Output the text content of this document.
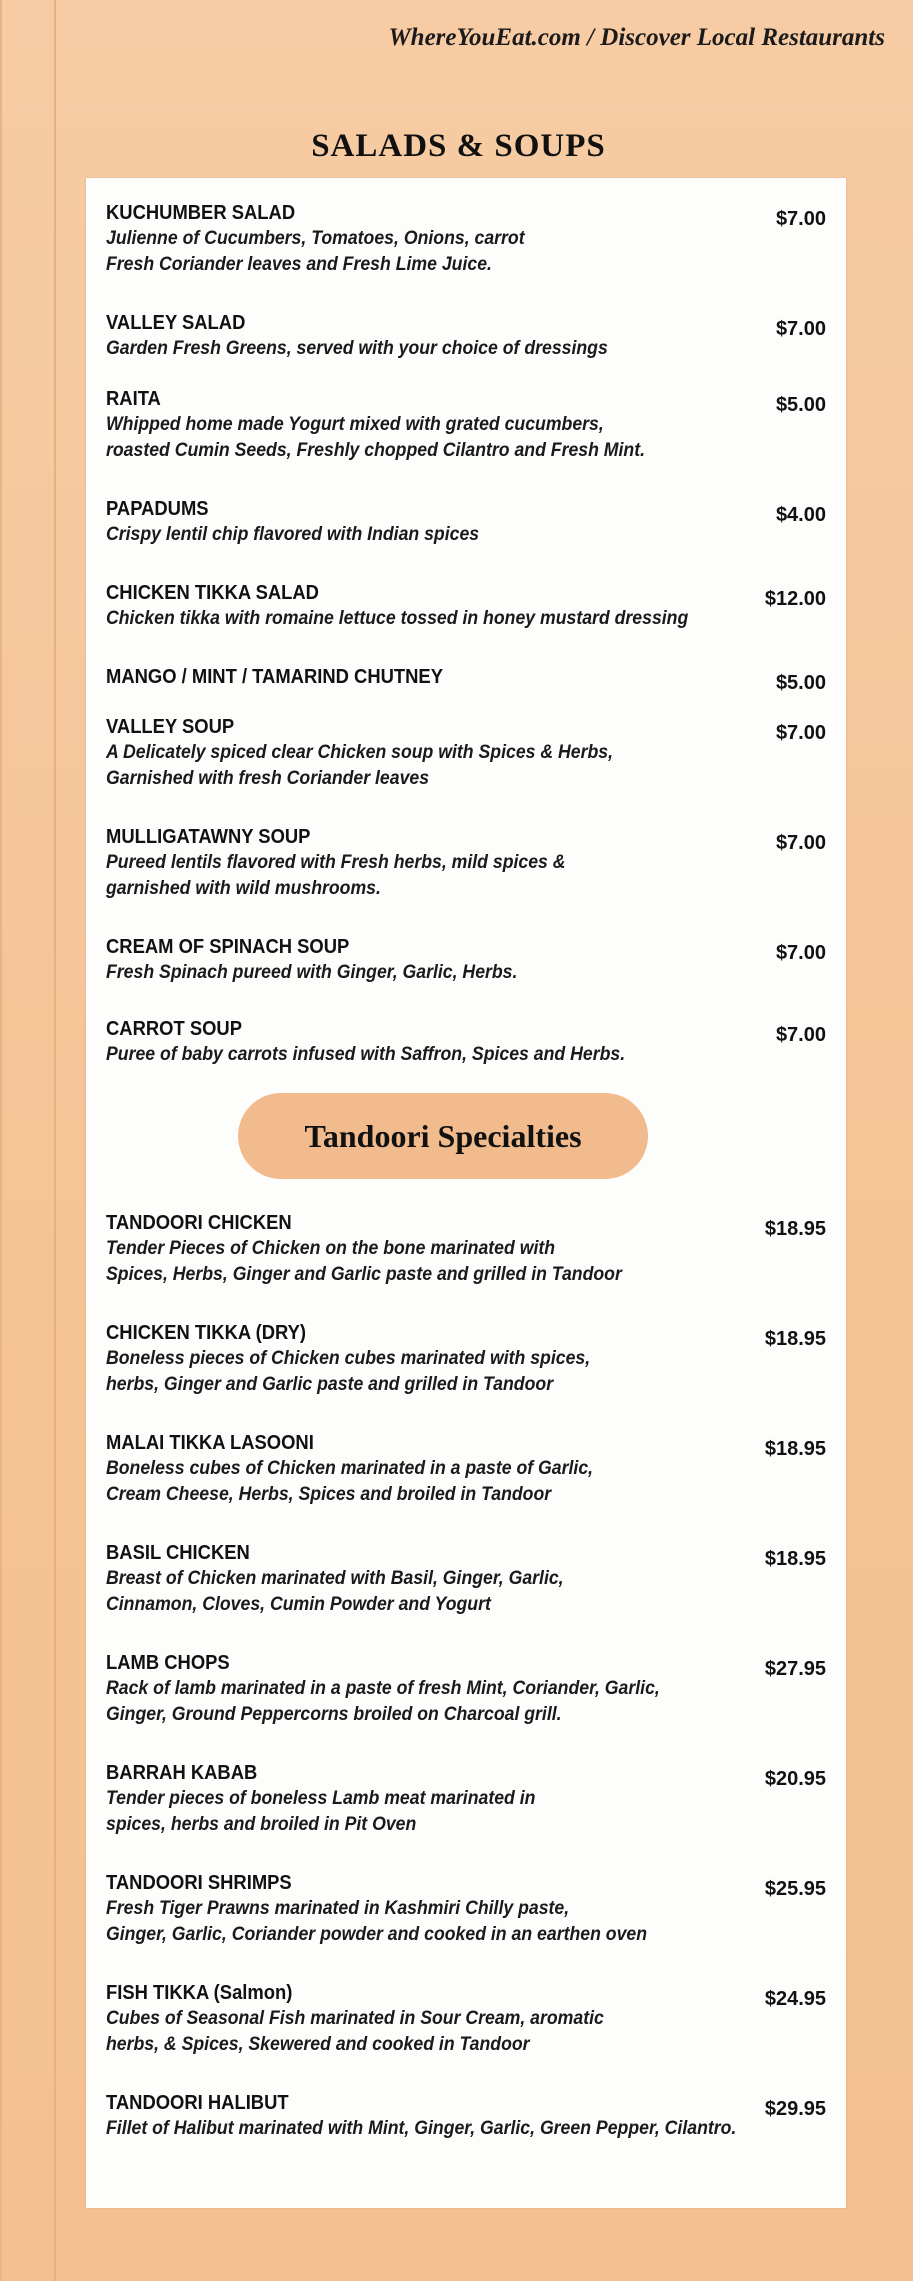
WhereYouEat.com / Discover Local Restaurants
SALADS & SOUPS
KUCHUMBER SALAD
Julienne of Cucumbers, Tomatoes, Onions, carrot
Fresh Coriander leaves and Fresh Lime Juice.
$7.00
VALLEY SALAD
Garden Fresh Greens, served with your choice of dressings
$7.00
RAITA
Whipped home made Yogurt mixed with grated cucumbers,
roasted Cumin Seeds, Freshly chopped Cilantro and Fresh Mint.
$5.00
PAPADUMS
Crispy lentil chip flavored with Indian spices
$4.00
CHICKEN TIKKA SALAD
Chicken tikka with romaine lettuce tossed in honey mustard dressing
$12.00
MANGO / MINT / TAMARIND CHUTNEY	$5.00
VALLEY SOUP
A Delicately spiced clear Chicken soup with Spices & Herbs,
Garnished with fresh Coriander leaves
$7.00
MULLIGATAWNY SOUP
Pureed lentils flavored with Fresh herbs, mild spices &
garnished with wild mushrooms.
$7.00
CREAM OF SPINACH SOUP
Fresh Spinach pureed with Ginger, Garlic, Herbs.
$7.00
CARROT SOUP
Puree of baby carrots infused with Saffron, Spices and Herbs.
$7.00
Tandoori Specialties
TANDOORI CHICKEN
Tender Pieces of Chicken on the bone marinated with
Spices, Herbs, Ginger and Garlic paste and grilled in Tandoor
$18.95
CHICKEN TIKKA (DRY)
Boneless pieces of Chicken cubes marinated with spices,
herbs, Ginger and Garlic paste and grilled in Tandoor
$18.95
MALAI TIKKA LASOONI
Boneless cubes of Chicken marinated in a paste of Garlic,
Cream Cheese, Herbs, Spices and broiled in Tandoor
$18.95
BASIL CHICKEN
Breast of Chicken marinated with Basil, Ginger, Garlic,
Cinnamon, Cloves, Cumin Powder and Yogurt
$18.95
LAMB CHOPS
Rack of lamb marinated in a paste of fresh Mint, Coriander, Garlic,
Ginger, Ground Peppercorns broiled on Charcoal grill.
$27.95
BARRAH KABAB
Tender pieces of boneless Lamb meat marinated in
spices, herbs and broiled in Pit Oven
$20.95
TANDOORI SHRIMPS
Fresh Tiger Prawns marinated in Kashmiri Chilly paste,
Ginger, Garlic, Coriander powder and cooked in an earthen oven
$25.95
FISH TIKKA (Salmon)
Cubes of Seasonal Fish marinated in Sour Cream, aromatic
herbs, & Spices, Skewered and cooked in Tandoor
$24.95
TANDOORI HALIBUT
Fillet of Halibut marinated with Mint, Ginger, Garlic, Green Pepper, Cilantro.
$29.95
